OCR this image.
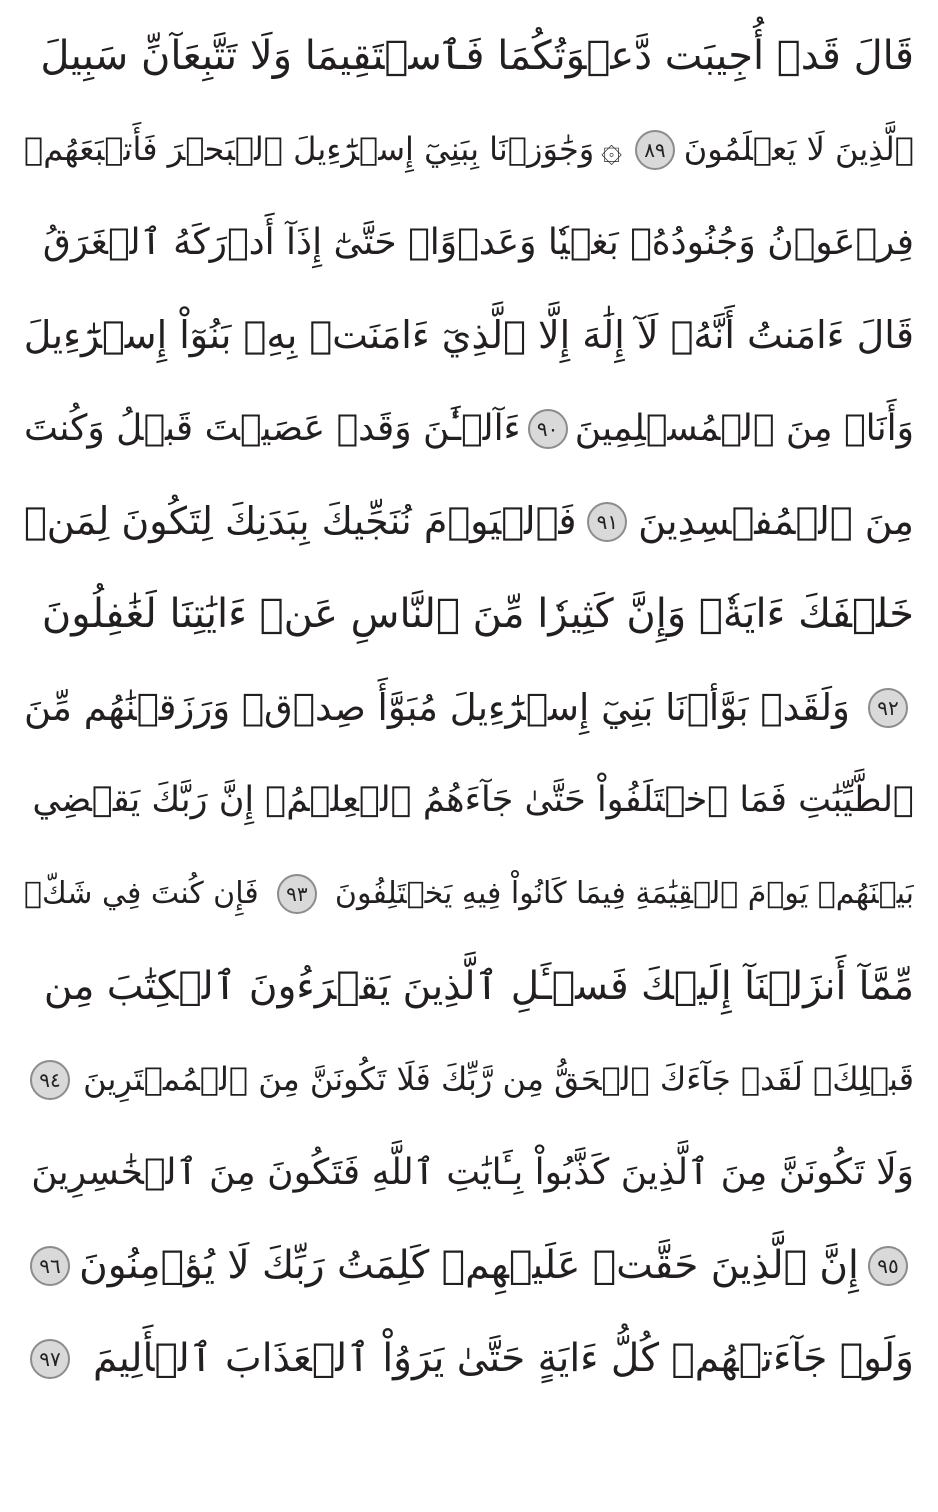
قَالَ قَدۡ أُجِيبَت دَّعۡوَتُكُمَا فَٱسۡتَقِيمَا وَلَا تَتَّبِعَآنِّ سَبِيلَ
ٱلَّذِينَ لَا يَعۡلَمُونَ
٨٩
۞
وَجَٰوَزۡنَا بِبَنِيٓ إِسۡرَٰٓءِيلَ ٱلۡبَحۡرَ فَأَتۡبَعَهُمۡ
فِرۡعَوۡنُ وَجُنُودُهُۥ بَغۡيٗا وَعَدۡوًاۖ حَتَّىٰٓ إِذَآ أَدۡرَكَهُ ٱلۡغَرَقُ
قَالَ ءَامَنتُ أَنَّهُۥ لَآ إِلَٰهَ إِلَّا ٱلَّذِيٓ ءَامَنَتۡ بِهِۦ بَنُوٓاْ إِسۡرَٰٓءِيلَ
وَأَنَا۠ مِنَ ٱلۡمُسۡلِمِينَ
٩٠
ءَآلۡـَٰٔنَ وَقَدۡ عَصَيۡتَ قَبۡلُ وَكُنتَ
مِنَ ٱلۡمُفۡسِدِينَ
٩١
فَٱلۡيَوۡمَ نُنَجِّيكَ بِبَدَنِكَ لِتَكُونَ لِمَنۡ
خَلۡفَكَ ءَايَةٗۚ وَإِنَّ كَثِيرٗا مِّنَ ٱلنَّاسِ عَنۡ ءَايَٰتِنَا لَغَٰفِلُونَ
٩٢
وَلَقَدۡ بَوَّأۡنَا بَنِيٓ إِسۡرَٰٓءِيلَ مُبَوَّأَ صِدۡقٖ وَرَزَقۡنَٰهُم مِّنَ
ٱلطَّيِّبَٰتِ فَمَا ٱخۡتَلَفُواْ حَتَّىٰ جَآءَهُمُ ٱلۡعِلۡمُۚ إِنَّ رَبَّكَ يَقۡضِي
بَيۡنَهُمۡ يَوۡمَ ٱلۡقِيَٰمَةِ فِيمَا كَانُواْ فِيهِ يَخۡتَلِفُونَ
٩٣
فَإِن كُنتَ فِي شَكّٖ
مِّمَّآ أَنزَلۡنَآ إِلَيۡكَ فَسۡـَٔلِ ٱلَّذِينَ يَقۡرَءُونَ ٱلۡكِتَٰبَ مِن
قَبۡلِكَۚ لَقَدۡ جَآءَكَ ٱلۡحَقُّ مِن رَّبِّكَ فَلَا تَكُونَنَّ مِنَ ٱلۡمُمۡتَرِينَ
٩٤
وَلَا تَكُونَنَّ مِنَ ٱلَّذِينَ كَذَّبُواْ بِـَٔايَٰتِ ٱللَّهِ فَتَكُونَ مِنَ ٱلۡخَٰسِرِينَ
٩٥
إِنَّ ٱلَّذِينَ حَقَّتۡ عَلَيۡهِمۡ كَلِمَتُ رَبِّكَ لَا يُؤۡمِنُونَ
٩٦
وَلَوۡ جَآءَتۡهُمۡ كُلُّ ءَايَةٍ حَتَّىٰ يَرَوُاْ ٱلۡعَذَابَ ٱلۡأَلِيمَ
٩٧
